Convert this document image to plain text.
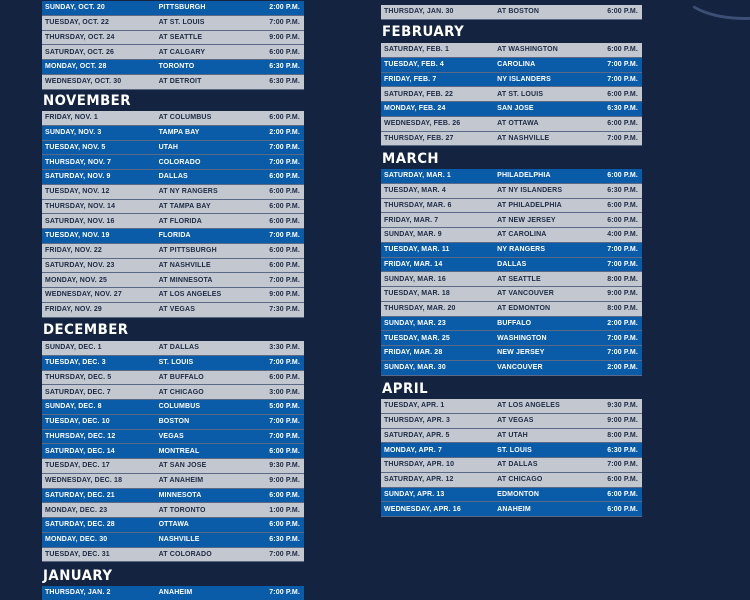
SUNDAY, OCT. 20	PITTSBURGH	2:00 P.M.
TUESDAY, OCT. 22	AT ST. LOUIS	7:00 P.M.
THURSDAY, OCT. 24	AT SEATTLE	9:00 P.M.
SATURDAY, OCT. 26	AT CALGARY	6:00 P.M.
MONDAY, OCT. 28	TORONTO	6:30 P.M.
WEDNESDAY, OCT. 30	AT DETROIT	6:30 P.M.
NOVEMBER
FRIDAY, NOV. 1	AT COLUMBUS	6:00 P.M.
SUNDAY, NOV. 3	TAMPA BAY	2:00 P.M.
TUESDAY, NOV. 5	UTAH	7:00 P.M.
THURSDAY, NOV. 7	COLORADO	7:00 P.M.
SATURDAY, NOV. 9	DALLAS	6:00 P.M.
TUESDAY, NOV. 12	AT NY RANGERS	6:00 P.M.
THURSDAY, NOV. 14	AT TAMPA BAY	6:00 P.M.
SATURDAY, NOV. 16	AT FLORIDA	6:00 P.M.
TUESDAY, NOV. 19	FLORIDA	7:00 P.M.
FRIDAY, NOV. 22	AT PITTSBURGH	6:00 P.M.
SATURDAY, NOV. 23	AT NASHVILLE	6:00 P.M.
MONDAY, NOV. 25	AT MINNESOTA	7:00 P.M.
WEDNESDAY, NOV. 27	AT LOS ANGELES	9:00 P.M.
FRIDAY, NOV. 29	AT VEGAS	7:30 P.M.
DECEMBER
SUNDAY, DEC. 1	AT DALLAS	3:30 P.M.
TUESDAY, DEC. 3	ST. LOUIS	7:00 P.M.
THURSDAY, DEC. 5	AT BUFFALO	6:00 P.M.
SATURDAY, DEC. 7	AT CHICAGO	3:00 P.M.
SUNDAY, DEC. 8	COLUMBUS	5:00 P.M.
TUESDAY, DEC. 10	BOSTON	7:00 P.M.
THURSDAY, DEC. 12	VEGAS	7:00 P.M.
SATURDAY, DEC. 14	MONTREAL	6:00 P.M.
TUESDAY, DEC. 17	AT SAN JOSE	9:30 P.M.
WEDNESDAY, DEC. 18	AT ANAHEIM	9:00 P.M.
SATURDAY, DEC. 21	MINNESOTA	6:00 P.M.
MONDAY, DEC. 23	AT TORONTO	1:00 P.M.
SATURDAY, DEC. 28	OTTAWA	6:00 P.M.
MONDAY, DEC. 30	NASHVILLE	6:30 P.M.
TUESDAY, DEC. 31	AT COLORADO	7:00 P.M.
JANUARY
THURSDAY, JAN. 2	ANAHEIM	7:00 P.M.
THURSDAY, JAN. 30	AT BOSTON	6:00 P.M.
FEBRUARY
SATURDAY, FEB. 1	AT WASHINGTON	6:00 P.M.
TUESDAY, FEB. 4	CAROLINA	7:00 P.M.
FRIDAY, FEB. 7	NY ISLANDERS	7:00 P.M.
SATURDAY, FEB. 22	AT ST. LOUIS	6:00 P.M.
MONDAY, FEB. 24	SAN JOSE	6:30 P.M.
WEDNESDAY, FEB. 26	AT OTTAWA	6:00 P.M.
THURSDAY, FEB. 27	AT NASHVILLE	7:00 P.M.
MARCH
SATURDAY, MAR. 1	PHILADELPHIA	6:00 P.M.
TUESDAY, MAR. 4	AT NY ISLANDERS	6:30 P.M.
THURSDAY, MAR. 6	AT PHILADELPHIA	6:00 P.M.
FRIDAY, MAR. 7	AT NEW JERSEY	6:00 P.M.
SUNDAY, MAR. 9	AT CAROLINA	4:00 P.M.
TUESDAY, MAR. 11	NY RANGERS	7:00 P.M.
FRIDAY, MAR. 14	DALLAS	7:00 P.M.
SUNDAY, MAR. 16	AT SEATTLE	8:00 P.M.
TUESDAY, MAR. 18	AT VANCOUVER	9:00 P.M.
THURSDAY, MAR. 20	AT EDMONTON	8:00 P.M.
SUNDAY, MAR. 23	BUFFALO	2:00 P.M.
TUESDAY, MAR. 25	WASHINGTON	7:00 P.M.
FRIDAY, MAR. 28	NEW JERSEY	7:00 P.M.
SUNDAY, MAR. 30	VANCOUVER	2:00 P.M.
APRIL
TUESDAY, APR. 1	AT LOS ANGELES	9:30 P.M.
THURSDAY, APR. 3	AT VEGAS	9:00 P.M.
SATURDAY, APR. 5	AT UTAH	8:00 P.M.
MONDAY, APR. 7	ST. LOUIS	6:30 P.M.
THURSDAY, APR. 10	AT DALLAS	7:00 P.M.
SATURDAY, APR. 12	AT CHICAGO	6:00 P.M.
SUNDAY, APR. 13	EDMONTON	6:00 P.M.
WEDNESDAY, APR. 16	ANAHEIM	6:00 P.M.
